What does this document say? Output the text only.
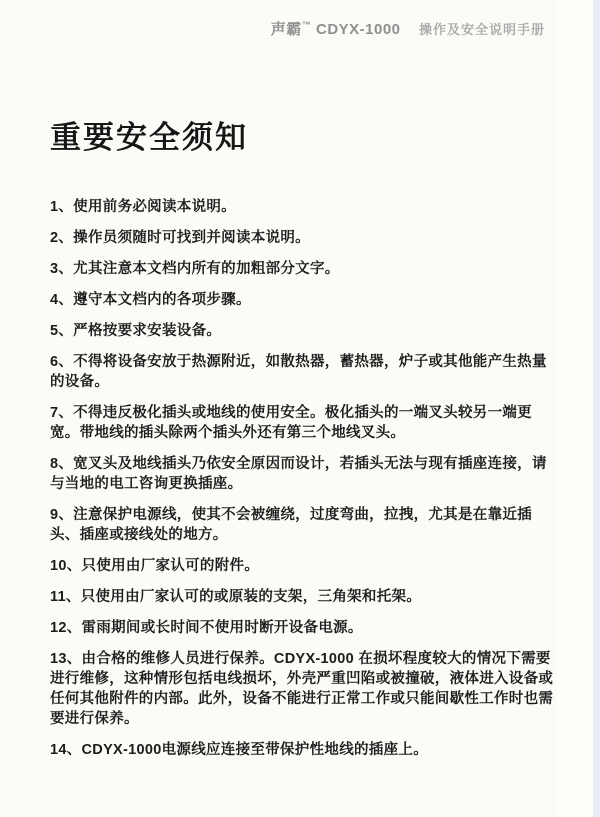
声霸™ CDYX-1000 操作及安全说明手册
重要安全须知

1、使用前务必阅读本说明。

2、操作员须随时可找到并阅读本说明。

3、尤其注意本文档内所有的加粗部分文字。

4、遵守本文档内的各项步骤。

5、严格按要求安装设备。

6、不得将设备安放于热源附近，如散热器，蓄热器，炉子或其他能产生热量的设备。

7、不得违反极化插头或地线的使用安全。极化插头的一端叉头较另一端更宽。带地线的插头除两个插头外还有第三个地线叉头。

8、宽叉头及地线插头乃依安全原因而设计，若插头无法与现有插座连接，请与当地的电工咨询更换插座。

9、注意保护电源线，使其不会被缠绕，过度弯曲，拉拽，尤其是在靠近插头、插座或接线处的地方。

10、只使用由厂家认可的附件。

11、只使用由厂家认可的或原装的支架，三角架和托架。

12、雷雨期间或长时间不使用时断开设备电源。

13、由合格的维修人员进行保养。CDYX-1000 在损坏程度较大的情况下需要进行维修，这种情形包括电线损坏，外壳严重凹陷或被撞破，液体进入设备或任何其他附件的内部。此外，设备不能进行正常工作或只能间歇性工作时也需要进行保养。

14、CDYX-1000电源线应连接至带保护性地线的插座上。
